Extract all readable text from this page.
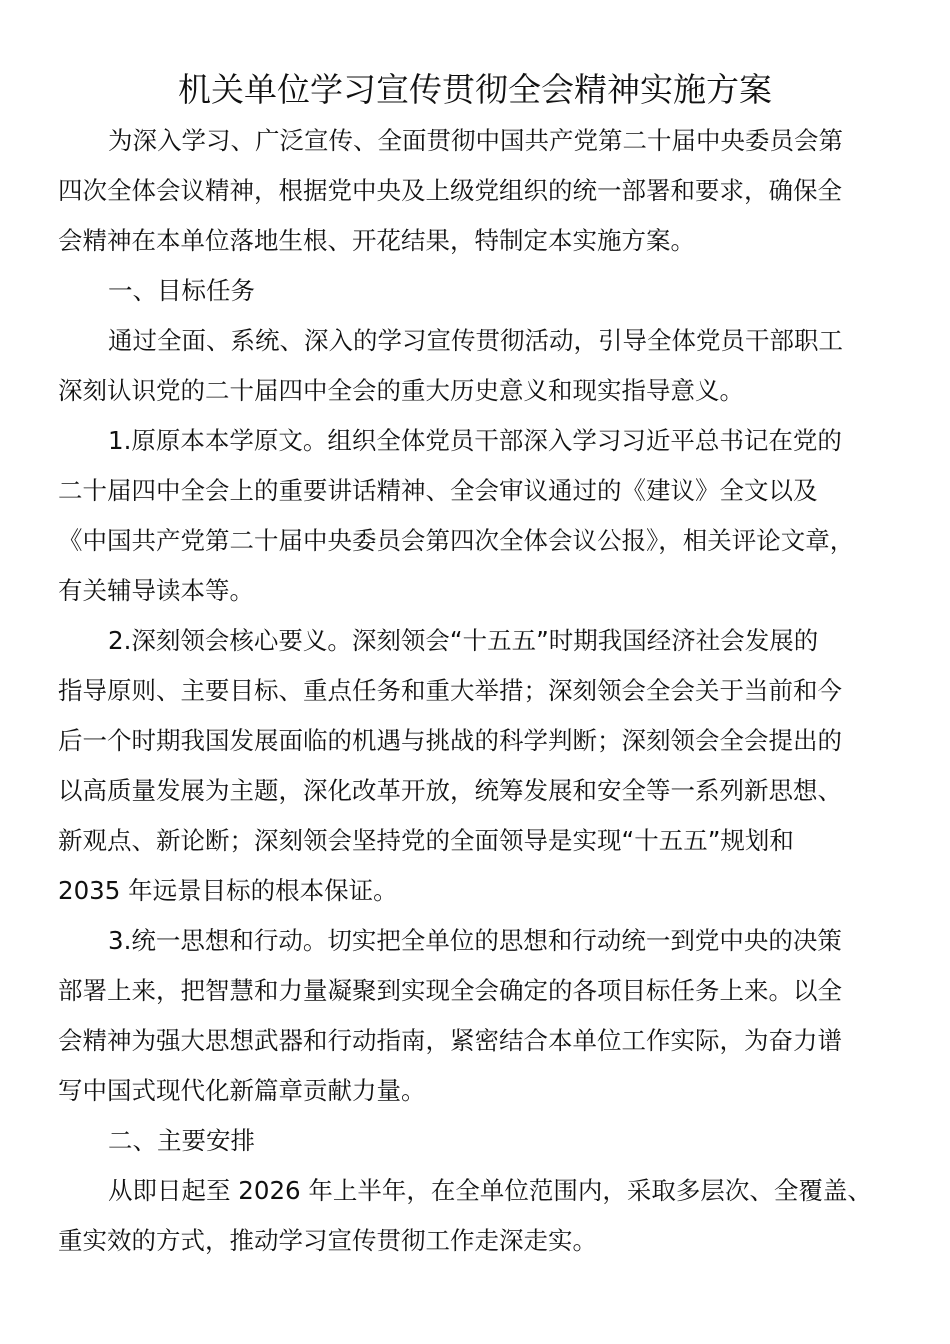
机关单位学习宣传贯彻全会精神实施方案
为深入学习、广泛宣传、全面贯彻中国共产党第二十届中央委员会第
四次全体会议精神，根据党中央及上级党组织的统一部署和要求，确保全
会精神在本单位落地生根、开花结果，特制定本实施方案。
一、目标任务
通过全面、系统、深入的学习宣传贯彻活动，引导全体党员干部职工
深刻认识党的二十届四中全会的重大历史意义和现实指导意义。
1.原原本本学原文。组织全体党员干部深入学习习近平总书记在党的
二十届四中全会上的重要讲话精神、全会审议通过的《建议》全文以及
《中国共产党第二十届中央委员会第四次全体会议公报》，相关评论文章，
有关辅导读本等。
2.深刻领会核心要义。深刻领会“十五五”时期我国经济社会发展的
指导原则、主要目标、重点任务和重大举措；深刻领会全会关于当前和今
后一个时期我国发展面临的机遇与挑战的科学判断；深刻领会全会提出的
以高质量发展为主题，深化改革开放，统筹发展和安全等一系列新思想、
新观点、新论断；深刻领会坚持党的全面领导是实现“十五五”规划和
2035 年远景目标的根本保证。
3.统一思想和行动。切实把全单位的思想和行动统一到党中央的决策
部署上来，把智慧和力量凝聚到实现全会确定的各项目标任务上来。以全
会精神为强大思想武器和行动指南，紧密结合本单位工作实际，为奋力谱
写中国式现代化新篇章贡献力量。
二、主要安排
从即日起至 2026 年上半年，在全单位范围内，采取多层次、全覆盖、
重实效的方式，推动学习宣传贯彻工作走深走实。
